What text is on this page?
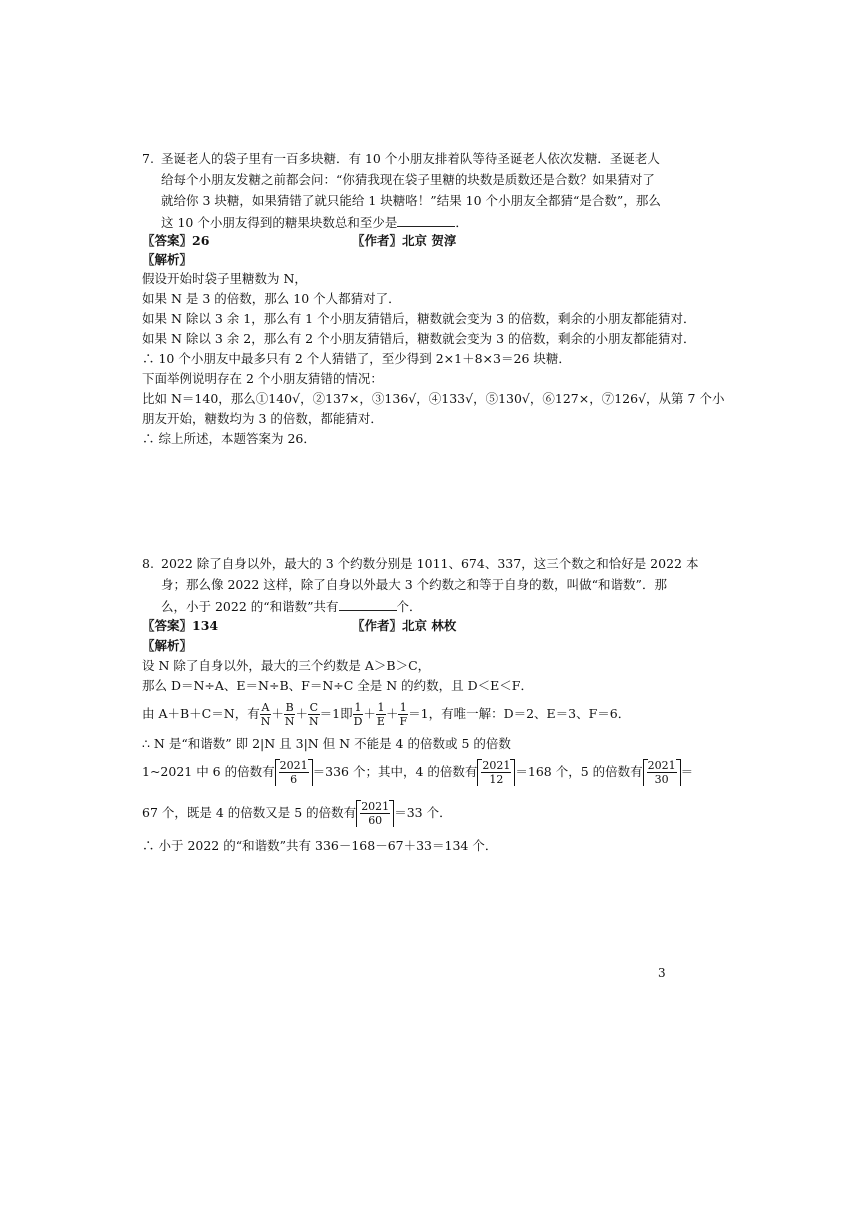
7. 圣诞老人的袋子里有一百多块糖．有 10 个小朋友排着队等待圣诞老人依次发糖．圣诞老人
给每个小朋友发糖之前都会问：“你猜我现在袋子里糖的块数是质数还是合数？如果猜对了
就给你 3 块糖，如果猜错了就只能给 1 块糖咯！”结果 10 个小朋友全都猜“是合数”，那么
这 10 个小朋友得到的糖果块数总和至少是	．
〖答案〗26	〖作者〗北京 贺淳
〖解析〗
假设开始时袋子里糖数为 N，
如果 N 是 3 的倍数，那么 10 个人都猜对了．
如果 N 除以 3 余 1，那么有 1 个小朋友猜错后，糖数就会变为 3 的倍数，剩余的小朋友都能猜对．
如果 N 除以 3 余 2，那么有 2 个小朋友猜错后，糖数就会变为 3 的倍数，剩余的小朋友都能猜对．
∴ 10 个小朋友中最多只有 2 个人猜错了，至少得到 2×1＋8×3＝26 块糖．
下面举例说明存在 2 个小朋友猜错的情况：
比如 N＝140，那么①140√，②137×，③136√，④133√，⑤130√，⑥127×，⑦126√，从第 7 个小
朋友开始，糖数均为 3 的倍数，都能猜对．
∴ 综上所述，本题答案为 26．
8. 2022 除了自身以外，最大的 3 个约数分别是 1011、674、337，这三个数之和恰好是 2022 本
身；那么像 2022 这样，除了自身以外最大 3 个约数之和等于自身的数，叫做“和谐数”．那
么，小于 2022 的“和谐数”共有	个．
〖答案〗134	〖作者〗北京 林枚
〖解析〗
设 N 除了自身以外，最大的三个约数是 A＞B＞C，
那么 D＝N÷A、E＝N÷B、F＝N÷C 全是 N 的约数，且 D＜E＜F．
由 A＋B＋C＝N，有 $\frac{A}{N} + \frac{B}{N} + \frac{C}{N} =1$ 即 $\frac{1}{D} + \frac{1}{E} + \frac{1}{F} =1$ ，有唯一解：D＝2、E＝3、F＝6．
∴ N 是“和谐数” 即 2|N 且 3|N 但 N 不能是 4 的倍数或 5 的倍数
1~2021 中 6 的倍数有 $\frac{2021}{6} =336$ 个；其中，4 的倍数有 $\frac{2021}{12} =168$ 个，5 的倍数有 $\frac{2021}{30}$ ＝
67 个，既是 4 的倍数又是 5 的倍数有 $\frac{2021}{60} =33$ 个．
∴ 小于 2022 的“和谐数”共有 336－168－67＋33＝134 个．
3
